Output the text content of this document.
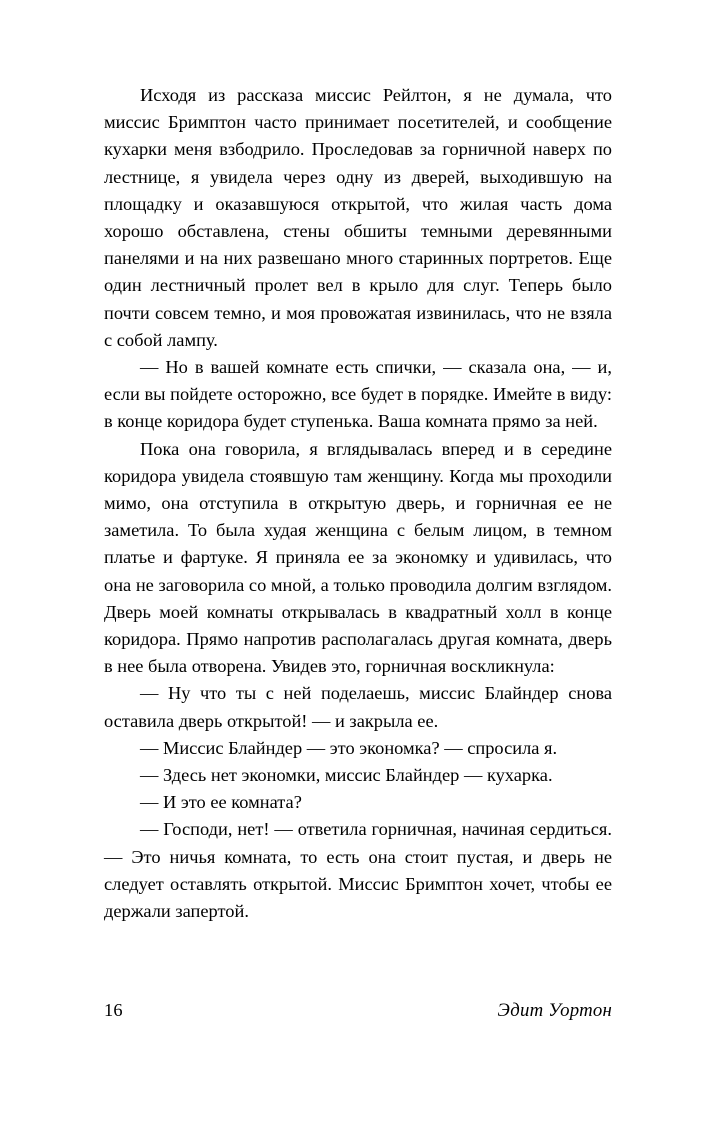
Исходя из рассказа миссис Рейлтон, я не думала, что миссис Бримптон часто принимает посетителей, и сообщение кухарки меня взбодрило. Проследовав за горничной наверх по лестнице, я увидела через одну из дверей, выходившую на площадку и оказавшуюся открытой, что жилая часть дома хорошо обставлена, стены обшиты темными деревянными панелями и на них развешано много старинных портретов. Еще один лестничный пролет вел в крыло для слуг. Теперь было почти совсем темно, и моя провожатая извинилась, что не взяла с собой лампу.

— Но в вашей комнате есть спички, — сказала она, — и, если вы пойдете осторожно, все будет в порядке. Имейте в виду: в конце коридора будет ступенька. Ваша комната прямо за ней.

Пока она говорила, я вглядывалась вперед и в середине коридора увидела стоявшую там женщину. Когда мы проходили мимо, она отступила в открытую дверь, и горничная ее не заметила. То была худая женщина с белым лицом, в темном платье и фартуке. Я приняла ее за экономку и удивилась, что она не заговорила со мной, а только проводила долгим взглядом. Дверь моей комнаты открывалась в квадратный холл в конце коридора. Прямо напротив располагалась другая комната, дверь в нее была отворена. Увидев это, горничная воскликнула:

— Ну что ты с ней поделаешь, миссис Блайндер снова оставила дверь открытой! — и закрыла ее.

— Миссис Блайндер — это экономка? — спросила я.

— Здесь нет экономки, миссис Блайндер — кухарка.

— И это ее комната?

— Господи, нет! — ответила горничная, начиная сердиться. — Это ничья комната, то есть она стоит пустая, и дверь не следует оставлять открытой. Миссис Бримптон хочет, чтобы ее держали запертой.

16	Эдит Уортон
